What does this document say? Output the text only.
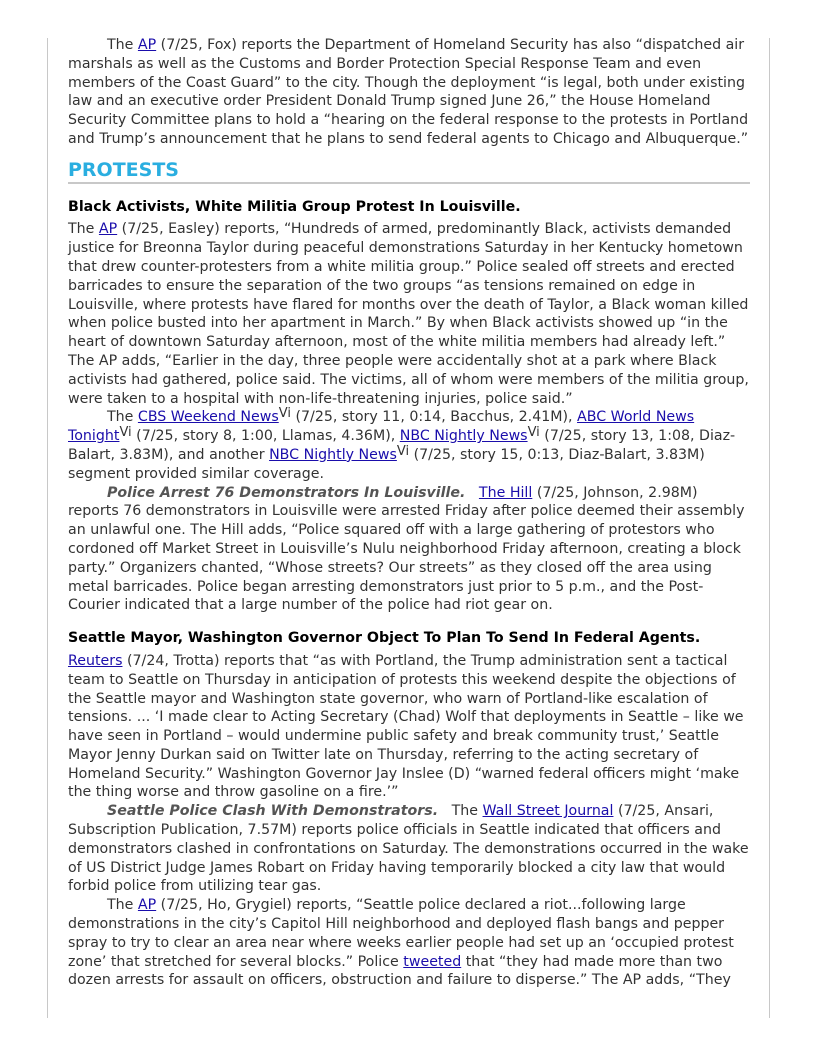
The AP (7/25, Fox) reports the Department of Homeland Security has also “dispatched air marshals as well as the Customs and Border Protection Special Response Team and even members of the Coast Guard” to the city. Though the deployment “is legal, both under existing law and an executive order President Donald Trump signed June 26,” the House Homeland Security Committee plans to hold a “hearing on the federal response to the protests in Portland and Trump’s announcement that he plans to send federal agents to Chicago and Albuquerque.”

PROTESTS
Black Activists, White Militia Group Protest In Louisville.

The AP (7/25, Easley) reports, “Hundreds of armed, predominantly Black, activists demanded justice for Breonna Taylor during peaceful demonstrations Saturday in her Kentucky hometown that drew counter-protesters from a white militia group.” Police sealed off streets and erected barricades to ensure the separation of the two groups “as tensions remained on edge in Louisville, where protests have flared for months over the death of Taylor, a Black woman killed when police busted into her apartment in March.” By when Black activists showed up “in the heart of downtown Saturday afternoon, most of the white militia members had already left.” The AP adds, “Earlier in the day, three people were accidentally shot at a park where Black activists had gathered, police said. The victims, all of whom were members of the militia group, were taken to a hospital with non-life-threatening injuries, police said.”

The CBS Weekend News$^{Vi}$ (7/25, story 11, 0:14, Bacchus, 2.41M), ABC World News Tonight$^{Vi}$ (7/25, story 8, 1:00, Llamas, 4.36M), NBC Nightly News$^{Vi}$ (7/25, story 13, 1:08, Diaz-Balart, 3.83M), and another NBC Nightly News$^{Vi}$ (7/25, story 15, 0:13, Diaz-Balart, 3.83M) segment provided similar coverage.

Police Arrest 76 Demonstrators In Louisville. The Hill (7/25, Johnson, 2.98M) reports 76 demonstrators in Louisville were arrested Friday after police deemed their assembly an unlawful one. The Hill adds, “Police squared off with a large gathering of protestors who cordoned off Market Street in Louisville’s Nulu neighborhood Friday afternoon, creating a block party.” Organizers chanted, “Whose streets? Our streets” as they closed off the area using metal barricades. Police began arresting demonstrators just prior to 5 p.m., and the Post-Courier indicated that a large number of the police had riot gear on.

Seattle Mayor, Washington Governor Object To Plan To Send In Federal Agents.

Reuters (7/24, Trotta) reports that “as with Portland, the Trump administration sent a tactical team to Seattle on Thursday in anticipation of protests this weekend despite the objections of the Seattle mayor and Washington state governor, who warn of Portland-like escalation of tensions. ... ‘I made clear to Acting Secretary (Chad) Wolf that deployments in Seattle – like we have seen in Portland – would undermine public safety and break community trust,’ Seattle Mayor Jenny Durkan said on Twitter late on Thursday, referring to the acting secretary of Homeland Security.” Washington Governor Jay Inslee (D) “warned federal officers might ‘make the thing worse and throw gasoline on a fire.’”

Seattle Police Clash With Demonstrators.   The Wall Street Journal (7/25, Ansari, Subscription Publication, 7.57M) reports police officials in Seattle indicated that officers and demonstrators clashed in confrontations on Saturday. The demonstrations occurred in the wake of US District Judge James Robart on Friday having temporarily blocked a city law that would forbid police from utilizing tear gas.

The AP (7/25, Ho, Grygiel) reports, “Seattle police declared a riot...following large demonstrations in the city’s Capitol Hill neighborhood and deployed flash bangs and pepper spray to try to clear an area near where weeks earlier people had set up an ‘occupied protest zone’ that stretched for several blocks.” Police tweeted that “they had made more than two dozen arrests for assault on officers, obstruction and failure to disperse.” The AP adds, “They
